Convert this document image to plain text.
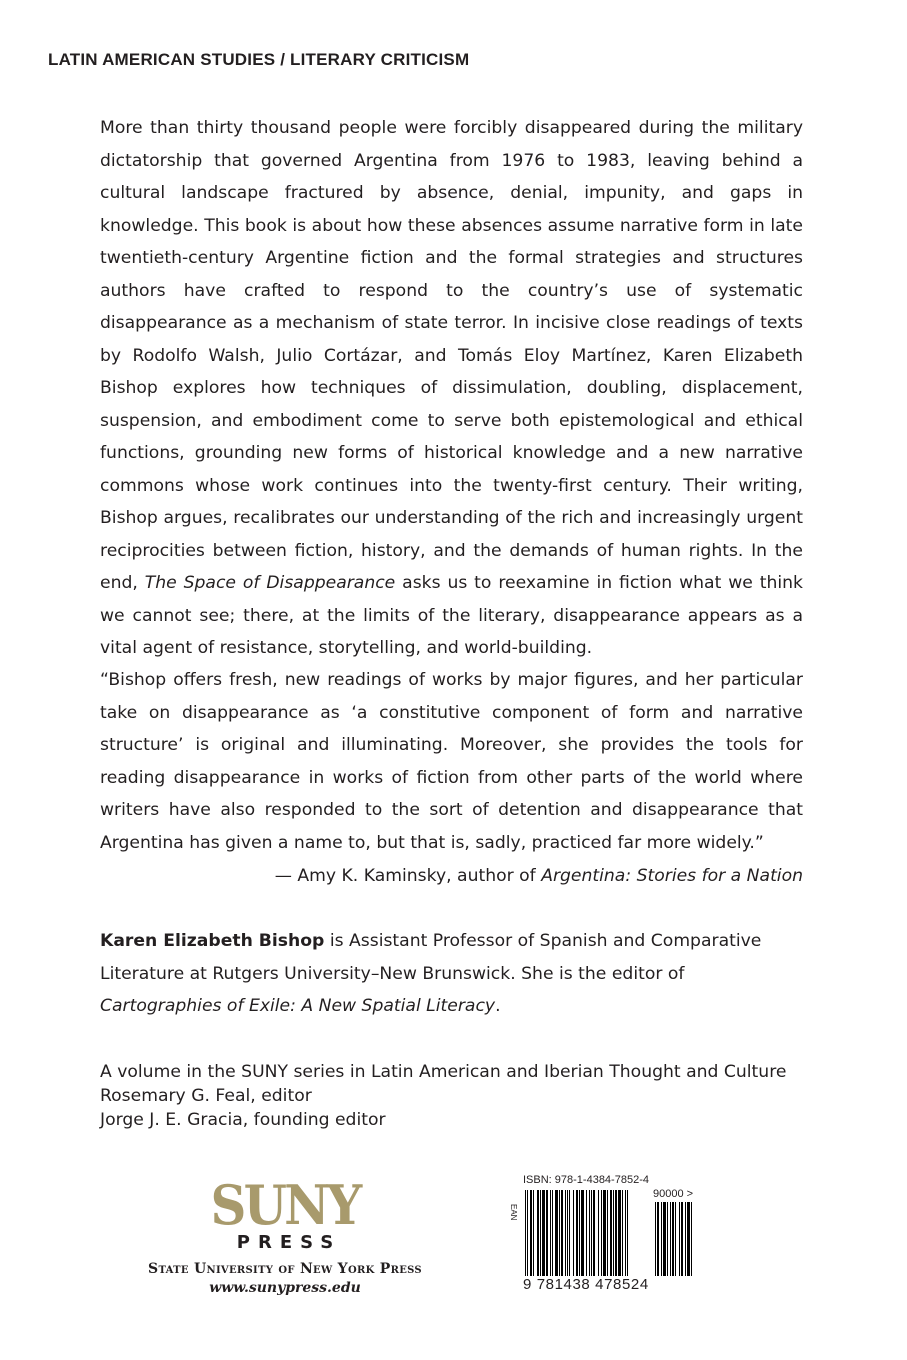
LATIN AMERICAN STUDIES / LITERARY CRITICISM
More than thirty thousand people were forcibly disappeared during the military dictatorship that governed Argentina from 1976 to 1983, leaving behind a cultural landscape fractured by absence, denial, impunity, and gaps in knowledge. This book is about how these absences assume narrative form in late twentieth-century Argentine fiction and the formal strategies and structures authors have crafted to respond to the country’s use of systematic disappearance as a mechanism of state terror. In incisive close readings of texts by Rodolfo Walsh, Julio Cortázar, and Tomás Eloy Martínez, Karen Elizabeth Bishop explores how techniques of dissimulation, doubling, displacement, suspension, and embodiment come to serve both epistemological and ethical functions, grounding new forms of historical knowledge and a new narrative commons whose work continues into the twenty-first century. Their writing, Bishop argues, recalibrates our understanding of the rich and increasingly urgent reciprocities between fiction, history, and the demands of human rights. In the end, The Space of Disappearance asks us to reexamine in fiction what we think we cannot see; there, at the limits of the literary, disappearance appears as a vital agent of resistance, storytelling, and world-building.
“Bishop offers fresh, new readings of works by major figures, and her particular take on disappearance as ‘a constitutive component of form and narrative structure’ is original and illuminating. Moreover, she provides the tools for reading disappearance in works of fiction from other parts of the world where writers have also responded to the sort of detention and disappearance that Argentina has given a name to, but that is, sadly, practiced far more widely.”
— Amy K. Kaminsky, author of Argentina: Stories for a Nation
Karen Elizabeth Bishop is Assistant Professor of Spanish and Comparative Literature at Rutgers University–New Brunswick. She is the editor of Cartographies of Exile: A New Spatial Literacy.
A volume in the SUNY series in Latin American and Iberian Thought and Culture
Rosemary G. Feal, editor
Jorge J. E. Gracia, founding editor
SUNY
PRESS
State University of New York Press
www.sunypress.edu
ISBN: 978-1-4384-7852-4
EAN
90000 >
9 781438 478524
